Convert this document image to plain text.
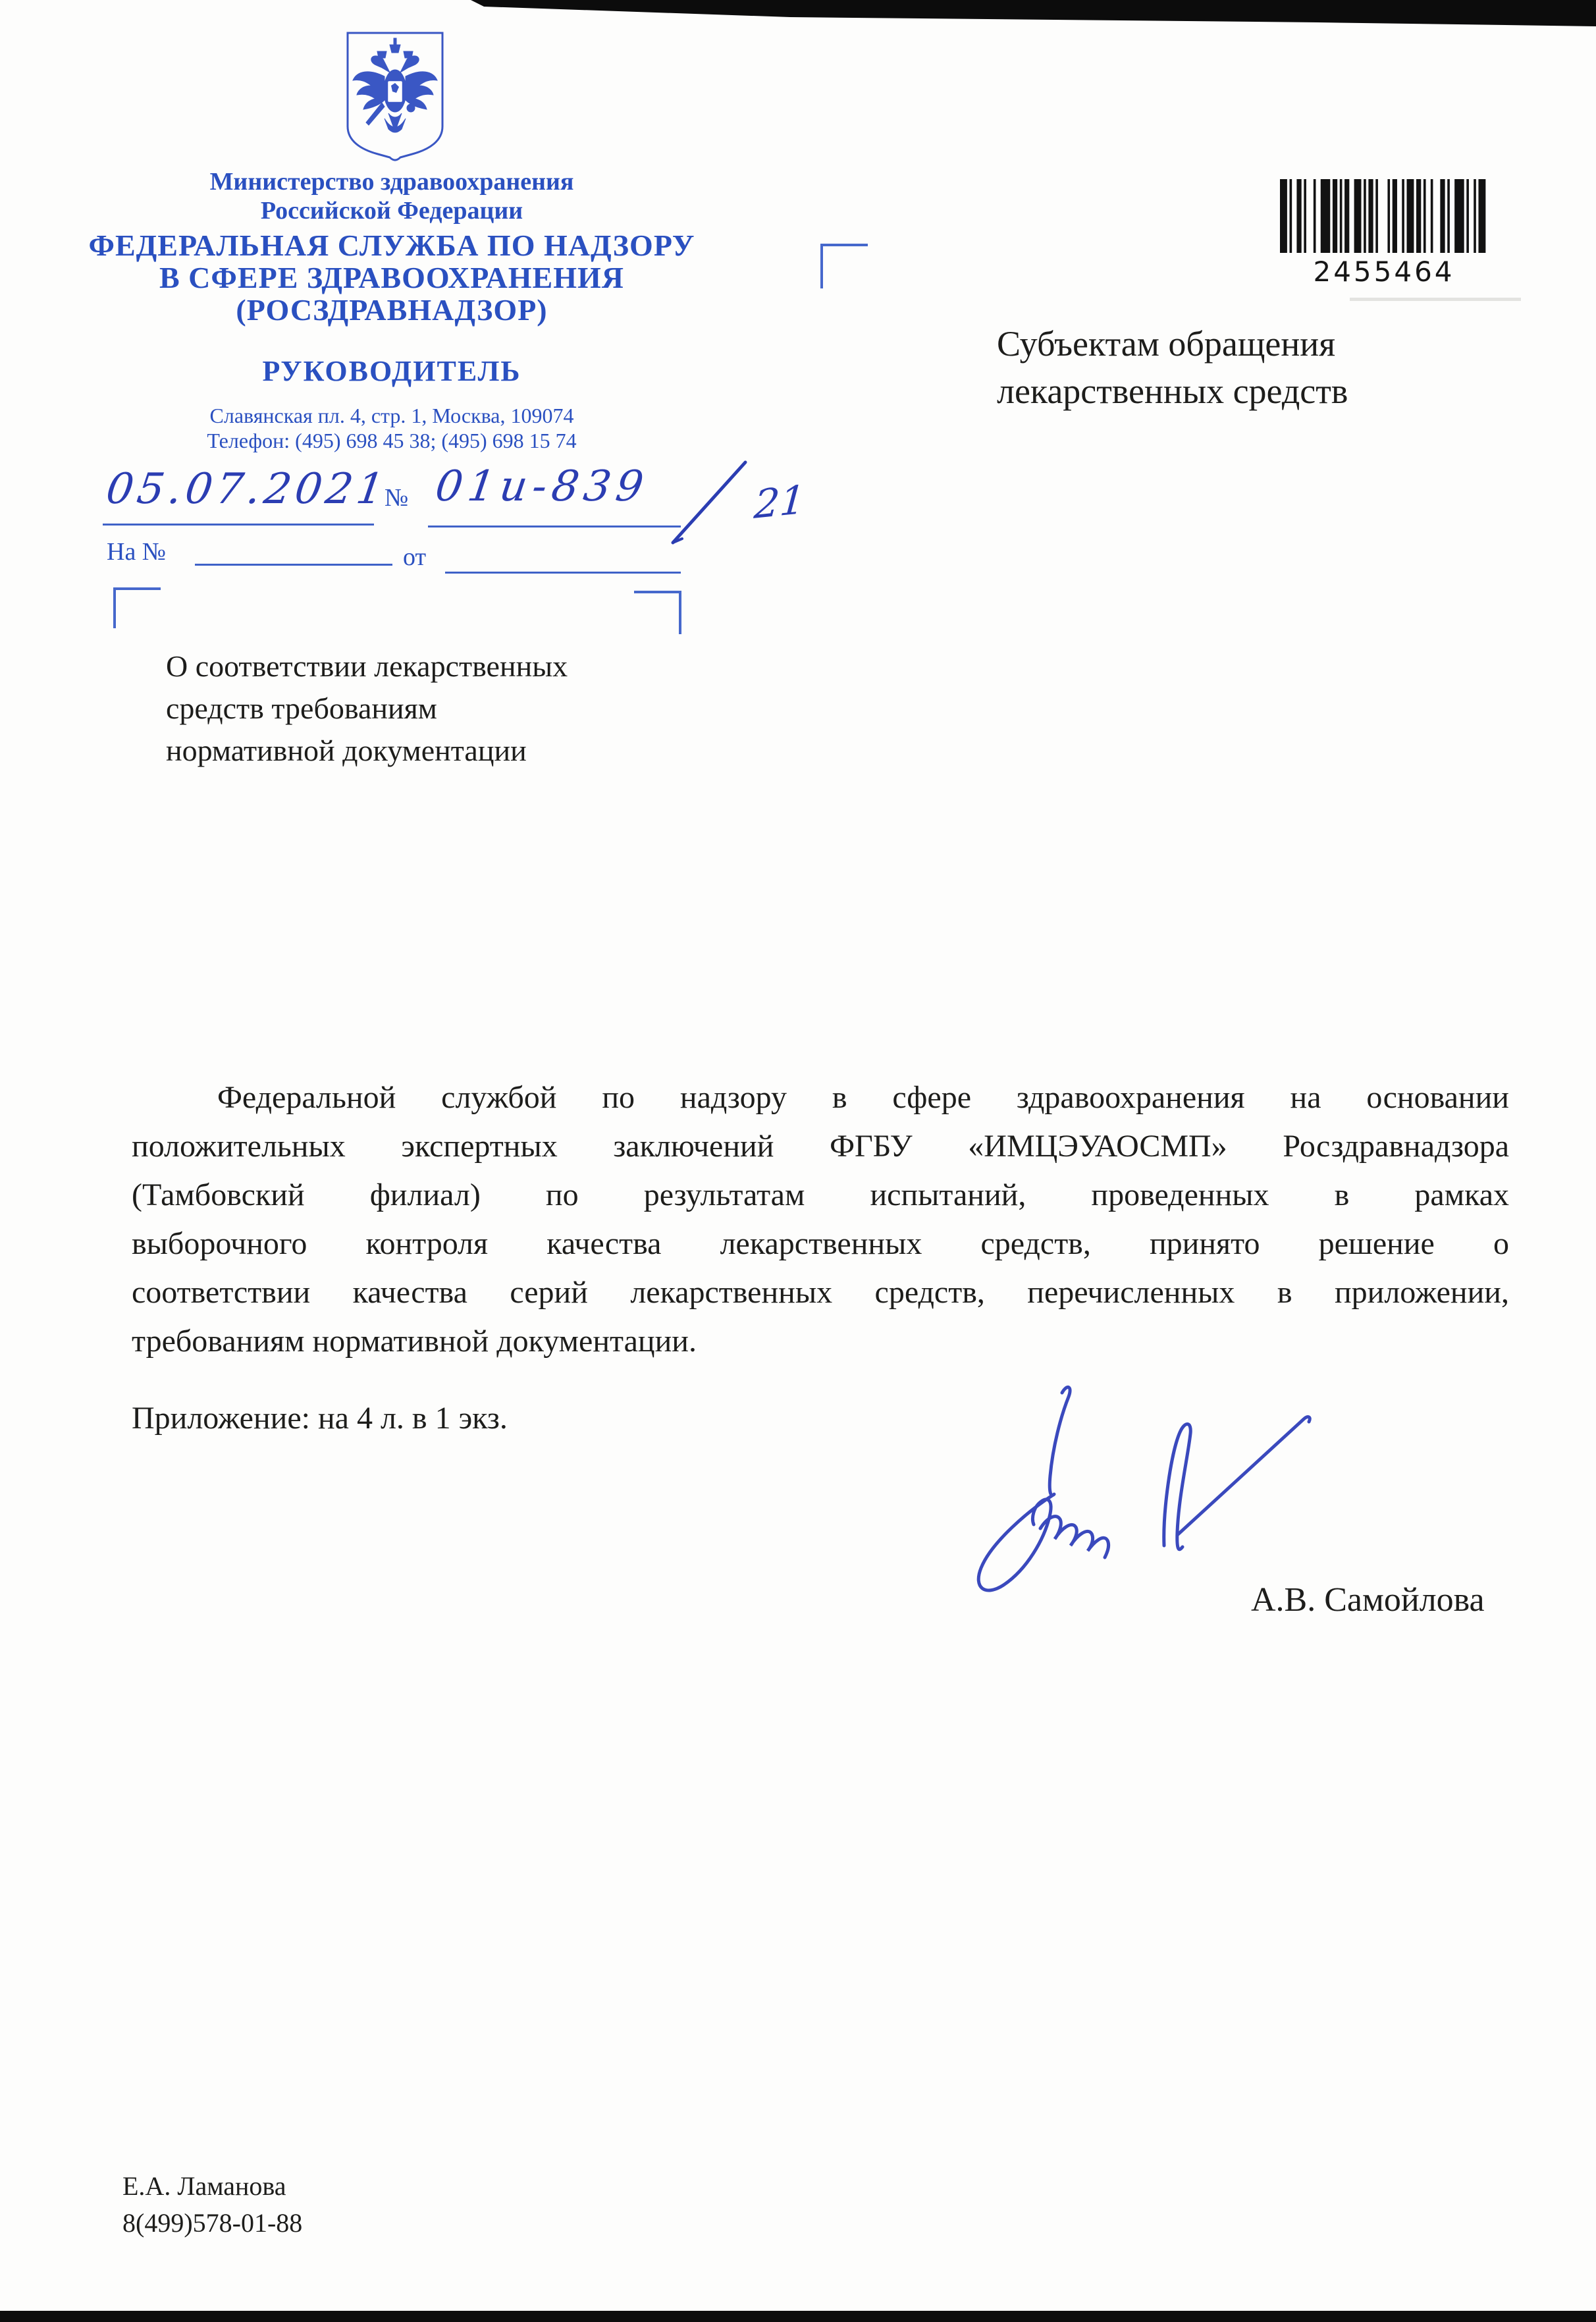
Министерство здравоохранения
Российской Федерации
ФЕДЕРАЛЬНАЯ СЛУЖБА ПО НАДЗОРУ
В СФЕРЕ ЗДРАВООХРАНЕНИЯ
(РОСЗДРАВНАДЗОР)
РУКОВОДИТЕЛЬ
Славянская пл. 4, стр. 1, Москва, 109074
Телефон: (495) 698 45 38; (495) 698 15 74
2455464
Субъектам обращения
лекарственных средств
05.07.2021
№ 01и-839	21
На №	от
О соответствии лекарственных
средств требованиям
нормативной документации
Федеральной службой по надзору в сфере здравоохранения на основании
положительных экспертных заключений ФГБУ «ИМЦЭУАОСМП» Росздравнадзора
(Тамбовский филиал) по результатам испытаний, проведенных в рамках
выборочного контроля качества лекарственных средств, принято решение о
соответствии качества серий лекарственных средств, перечисленных в приложении,
требованиям нормативной документации.
Приложение: на 4 л. в 1 экз.
А.В. Самойлова
Е.А. Ламанова
8(499)578-01-88
